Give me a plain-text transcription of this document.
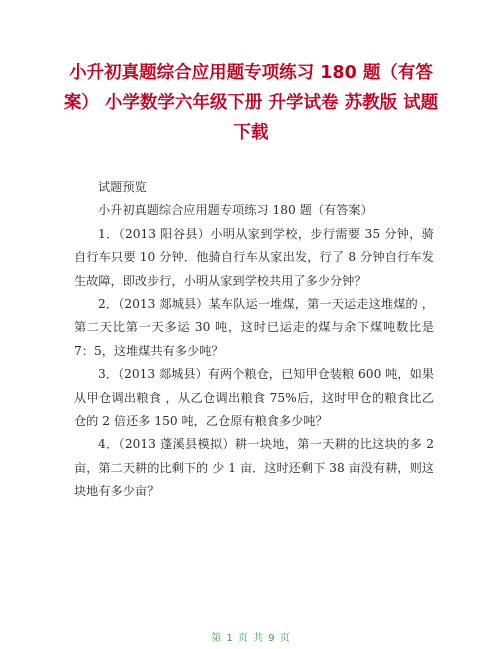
小升初真题综合应用题专项练习 180 题（有答案） 小学数学六年级下册 升学试卷 苏教版 试题下载

试题预览

小升初真题综合应用题专项练习 180 题（有答案）

1．（2013 阳谷县）小明从家到学校，步行需要 35 分钟，骑自行车只要 10 分钟．他骑自行车从家出发，行了 8 分钟自行车发生故障，即改步行，小明从家到学校共用了多少分钟？

2．（2013 郯城县）某车队运一堆煤，第一天运走这堆煤的 ，第二天比第一天多运 30 吨，这时已运走的煤与余下煤吨数比是 7：5，这堆煤共有多少吨？

3．（2013 郯城县）有两个粮仓，已知甲仓装粮 600 吨，如果从甲仓调出粮食 ，从乙仓调出粮食 75%后，这时甲仓的粮食比乙仓的 2 倍还多 150 吨，乙仓原有粮食多少吨？

4．（2013 蓬溪县模拟）耕一块地，第一天耕的比这块的多 2 亩，第二天耕的比剩下的 少 1 亩．这时还剩下 38 亩没有耕，则这块地有多少亩？

第 1 页 共 9 页
